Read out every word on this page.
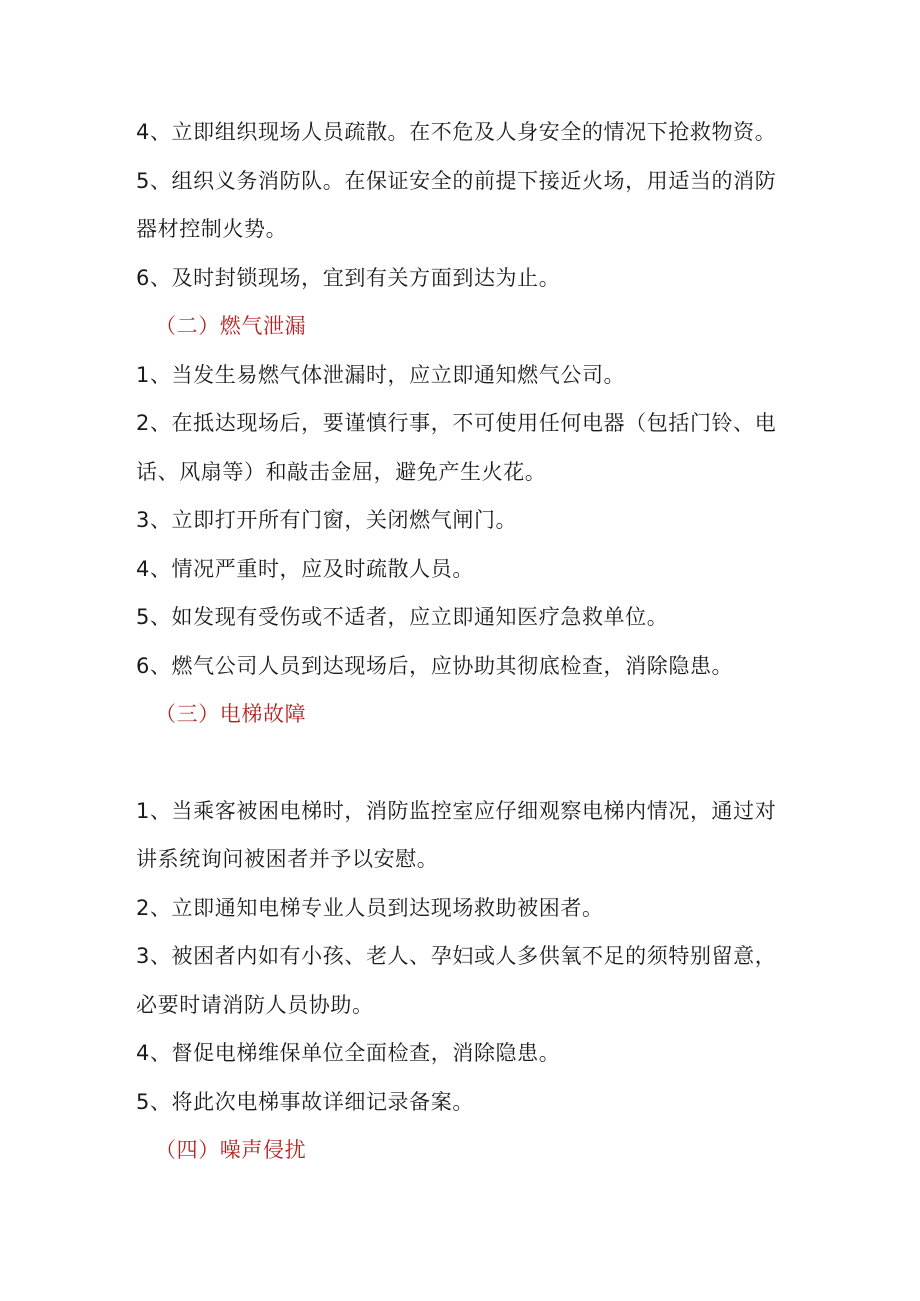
4、立即组织现场人员疏散。在不危及人身安全的情况下抢救物资。
5、组织义务消防队。在保证安全的前提下接近火场，用适当的消防
器材控制火势。
6、及时封锁现场，宜到有关方面到达为止。
（二）燃气泄漏
1、当发生易燃气体泄漏时，应立即通知燃气公司。
2、在抵达现场后，要谨慎行事，不可使用任何电器（包括门铃、电
话、风扇等）和敲击金屈，避免产生火花。
3、立即打开所有门窗，关闭燃气闸门。
4、情况严重时，应及时疏散人员。
5、如发现有受伤或不适者，应立即通知医疗急救单位。
6、燃气公司人员到达现场后，应协助其彻底检查，消除隐患。
（三）电梯故障
1、当乘客被困电梯时，消防监控室应仔细观察电梯内情况，通过对
讲系统询问被困者并予以安慰。
2、立即通知电梯专业人员到达现场救助被困者。
3、被困者内如有小孩、老人、孕妇或人多供氧不足的须特别留意，
必要时请消防人员协助。
4、督促电梯维保单位全面检查，消除隐患。
5、将此次电梯事故详细记录备案。
（四）噪声侵扰
